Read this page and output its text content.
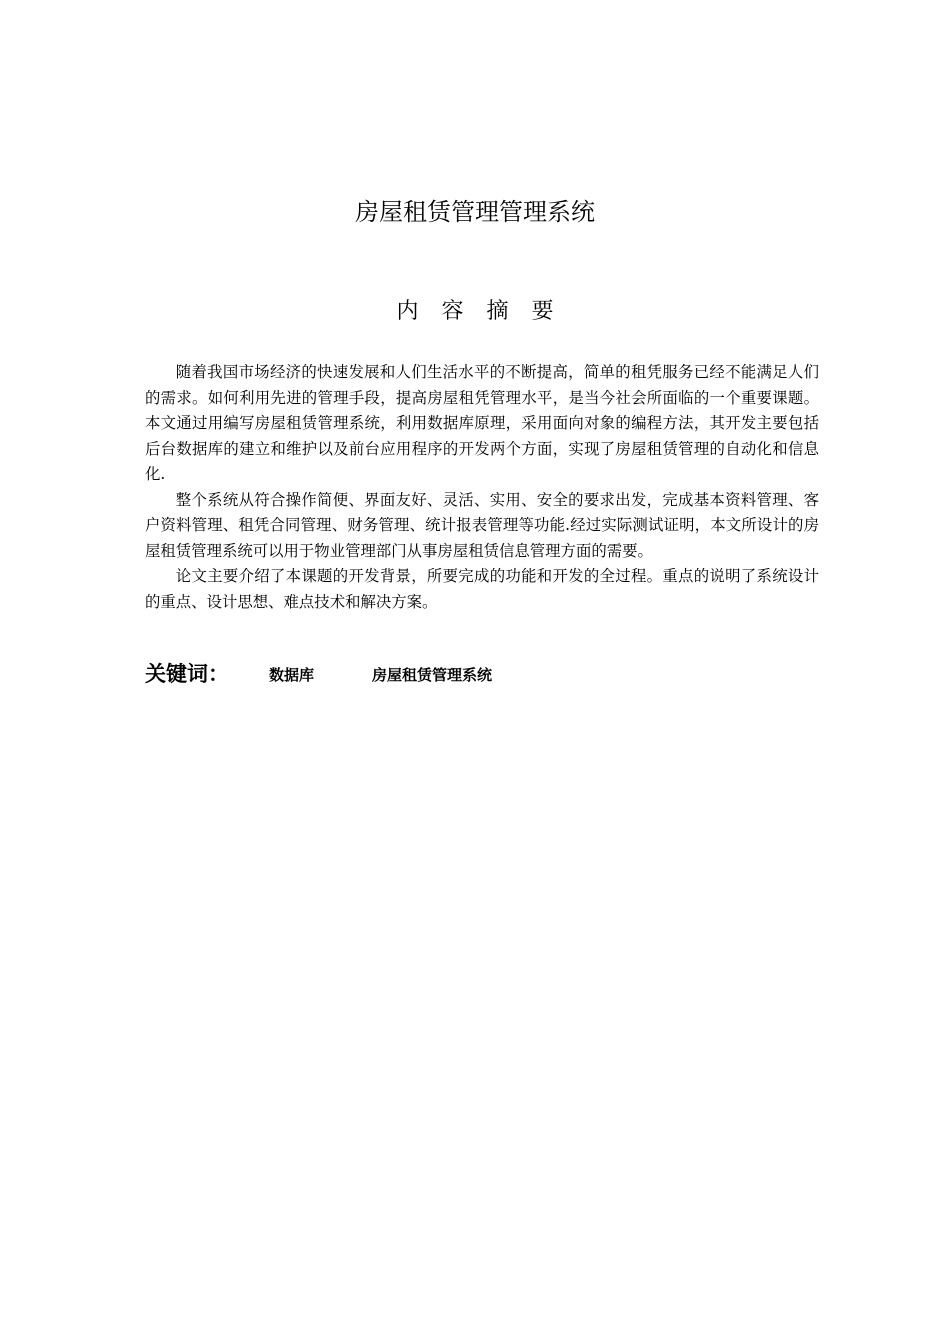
房屋租赁管理管理系统
内 容 摘 要

随着我国市场经济的快速发展和人们生活水平的不断提高，简单的租凭服务已经不能满足人们的需求。如何利用先进的管理手段，提高房屋租凭管理水平，是当今社会所面临的一个重要课题。本文通过用编写房屋租赁管理系统，利用数据库原理，采用面向对象的编程方法，其开发主要包括后台数据库的建立和维护以及前台应用程序的开发两个方面，实现了房屋租赁管理的自动化和信息化.

整个系统从符合操作简便、界面友好、灵活、实用、安全的要求出发，完成基本资料管理、客户资料管理、租凭合同管理、财务管理、统计报表管理等功能.经过实际测试证明，本文所设计的房屋租赁管理系统可以用于物业管理部门从事房屋租赁信息管理方面的需要。

论文主要介绍了本课题的开发背景，所要完成的功能和开发的全过程。重点的说明了系统设计的重点、设计思想、难点技术和解决方案。

关键词：	数据库	房屋租赁管理系统
